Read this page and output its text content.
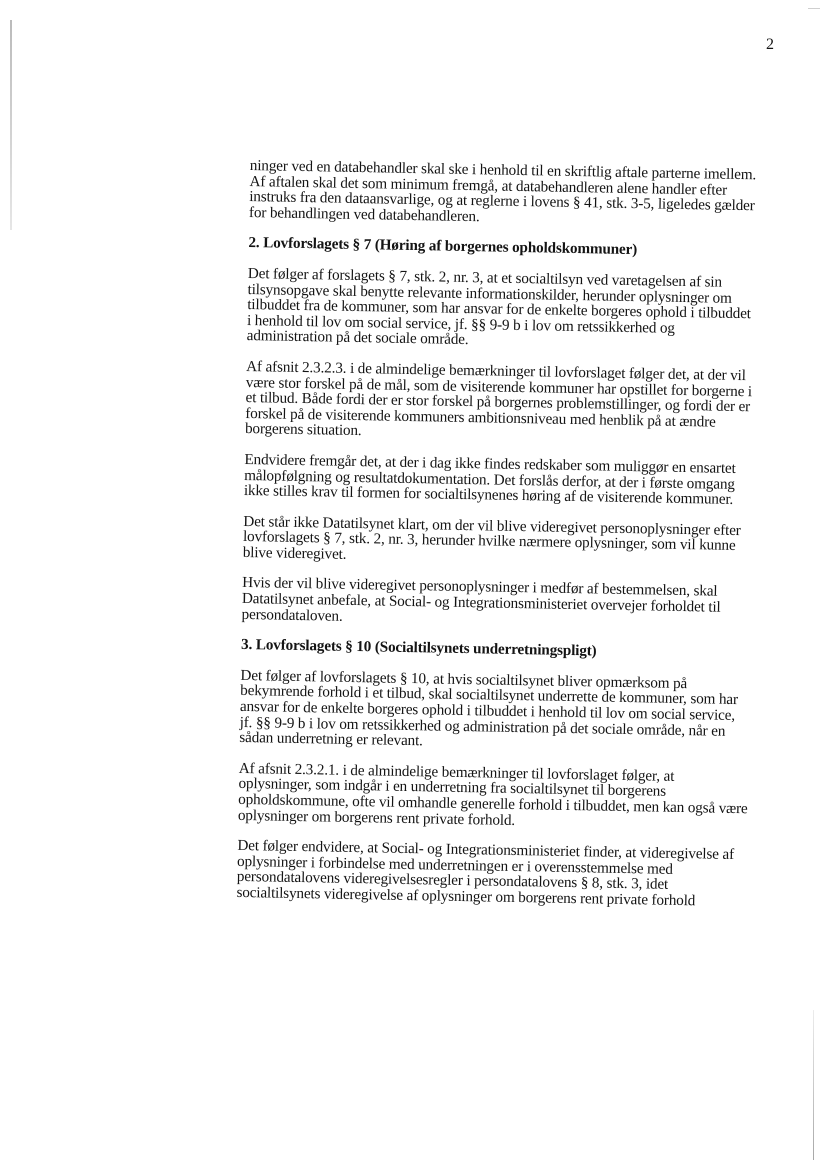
2

ninger ved en databehandler skal ske i henhold til en skriftlig aftale parterne imellem. Af aftalen skal det som minimum fremgå, at databehandleren alene handler efter instruks fra den dataansvarlige, og at reglerne i lovens § 41, stk. 3-5, ligeledes gælder for behandlingen ved databehandleren.

2. Lovforslagets § 7 (Høring af borgernes opholdskommuner)

Det følger af forslagets § 7, stk. 2, nr. 3, at et socialtilsyn ved varetagelsen af sin tilsynsopgave skal benytte relevante informationskilder, herunder oplysninger om tilbuddet fra de kommuner, som har ansvar for de enkelte borgeres ophold i tilbuddet i henhold til lov om social service, jf. §§ 9-9 b i lov om retssikkerhed og administration på det sociale område.

Af afsnit 2.3.2.3. i de almindelige bemærkninger til lovforslaget følger det, at der vil være stor forskel på de mål, som de visiterende kommuner har opstillet for borgerne i et tilbud. Både fordi der er stor forskel på borgernes problemstillinger, og fordi der er forskel på de visiterende kommuners ambitionsniveau med henblik på at ændre borgerens situation.

Endvidere fremgår det, at der i dag ikke findes redskaber som muliggør en ensartet målopfølgning og resultatdokumentation. Det forslås derfor, at der i første omgang ikke stilles krav til formen for socialtilsynenes høring af de visiterende kommuner.

Det står ikke Datatilsynet klart, om der vil blive videregivet personoplysninger efter lovforslagets § 7, stk. 2, nr. 3, herunder hvilke nærmere oplysninger, som vil kunne blive videregivet.

Hvis der vil blive videregivet personoplysninger i medfør af bestemmelsen, skal Datatilsynet anbefale, at Social- og Integrationsministeriet overvejer forholdet til persondataloven.

3. Lovforslagets § 10 (Socialtilsynets underretningspligt)

Det følger af lovforslagets § 10, at hvis socialtilsynet bliver opmærksom på bekymrende forhold i et tilbud, skal socialtilsynet underrette de kommuner, som har ansvar for de enkelte borgeres ophold i tilbuddet i henhold til lov om social service, jf. §§ 9-9 b i lov om retssikkerhed og administration på det sociale område, når en sådan underretning er relevant.

Af afsnit 2.3.2.1. i de almindelige bemærkninger til lovforslaget følger, at oplysninger, som indgår i en underretning fra socialtilsynet til borgerens opholdskommune, ofte vil omhandle generelle forhold i tilbuddet, men kan også være oplysninger om borgerens rent private forhold.

Det følger endvidere, at Social- og Integrationsministeriet finder, at videregivelse af oplysninger i forbindelse med underretningen er i overensstemmelse med persondatalovens videregivelsesregler i persondatalovens § 8, stk. 3, idet socialtilsynets videregivelse af oplysninger om borgerens rent private forhold
